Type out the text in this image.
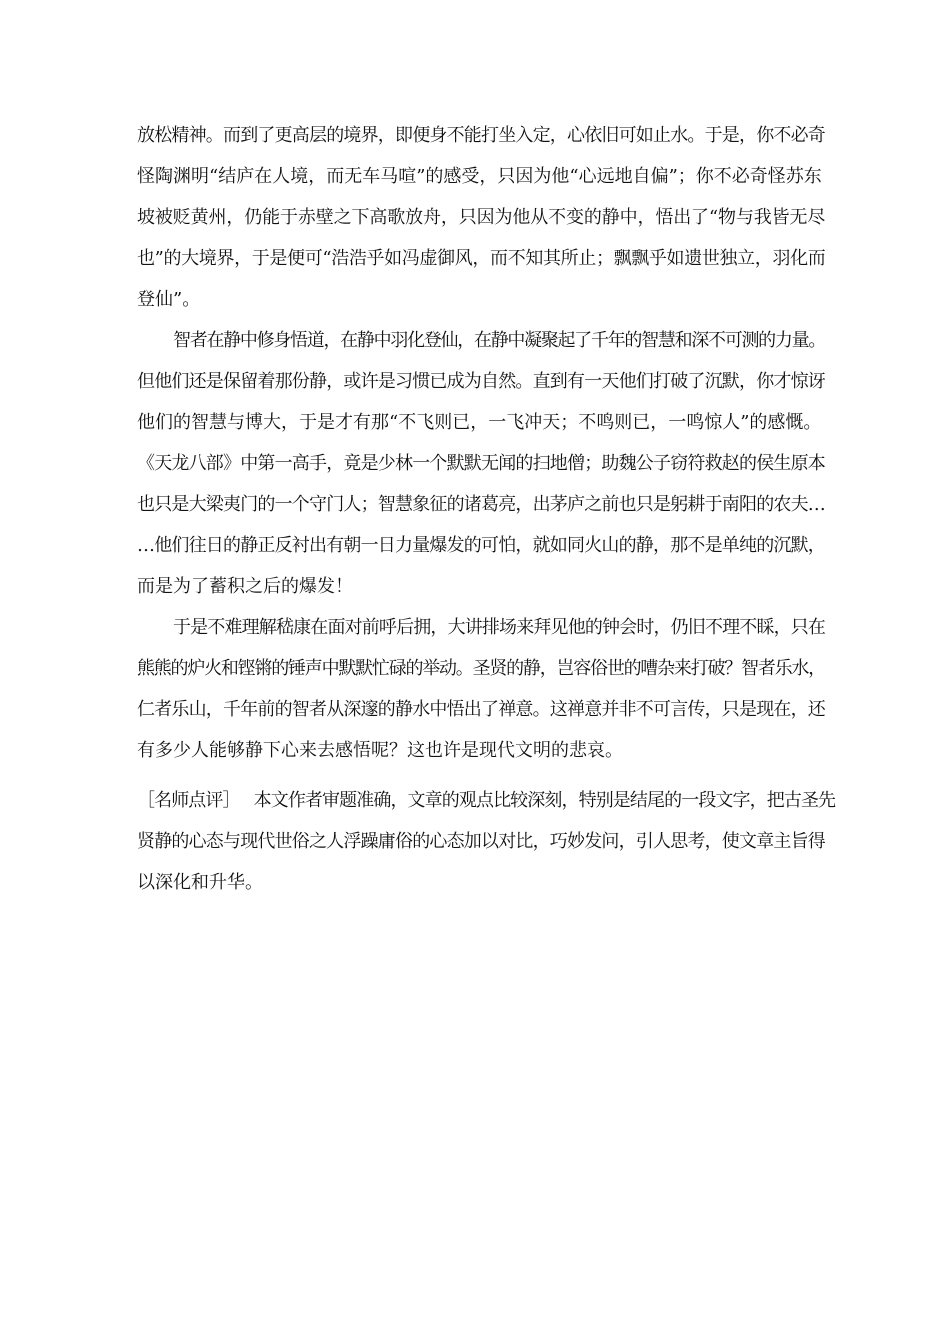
放松精神。而到了更高层的境界，即便身不能打坐入定，心依旧可如止水。于是，你不必奇
怪陶渊明“结庐在人境，而无车马喧”的感受，只因为他“心远地自偏”；你不必奇怪苏东
坡被贬黄州，仍能于赤壁之下高歌放舟，只因为他从不变的静中，悟出了“物与我皆无尽
也”的大境界，于是便可“浩浩乎如冯虚御风，而不知其所止；飘飘乎如遗世独立，羽化而
登仙”。
智者在静中修身悟道，在静中羽化登仙，在静中凝聚起了千年的智慧和深不可测的力量。
但他们还是保留着那份静，或许是习惯已成为自然。直到有一天他们打破了沉默，你才惊讶
他们的智慧与博大，于是才有那“不飞则已，一飞冲天；不鸣则已，一鸣惊人”的感慨。
《天龙八部》中第一高手，竟是少林一个默默无闻的扫地僧；助魏公子窃符救赵的侯生原本
也只是大梁夷门的一个守门人；智慧象征的诸葛亮，出茅庐之前也只是躬耕于南阳的农夫…
…他们往日的静正反衬出有朝一日力量爆发的可怕，就如同火山的静，那不是单纯的沉默，
而是为了蓄积之后的爆发！
于是不难理解嵇康在面对前呼后拥，大讲排场来拜见他的钟会时，仍旧不理不睬，只在
熊熊的炉火和铿锵的锤声中默默忙碌的举动。圣贤的静，岂容俗世的嘈杂来打破？智者乐水，
仁者乐山，千年前的智者从深邃的静水中悟出了禅意。这禅意并非不可言传，只是现在，还
有多少人能够静下心来去感悟呢？这也许是现代文明的悲哀。
［名师点评］ 本文作者审题准确，文章的观点比较深刻，特别是结尾的一段文字，把古圣先
贤静的心态与现代世俗之人浮躁庸俗的心态加以对比，巧妙发问，引人思考，使文章主旨得
以深化和升华。
